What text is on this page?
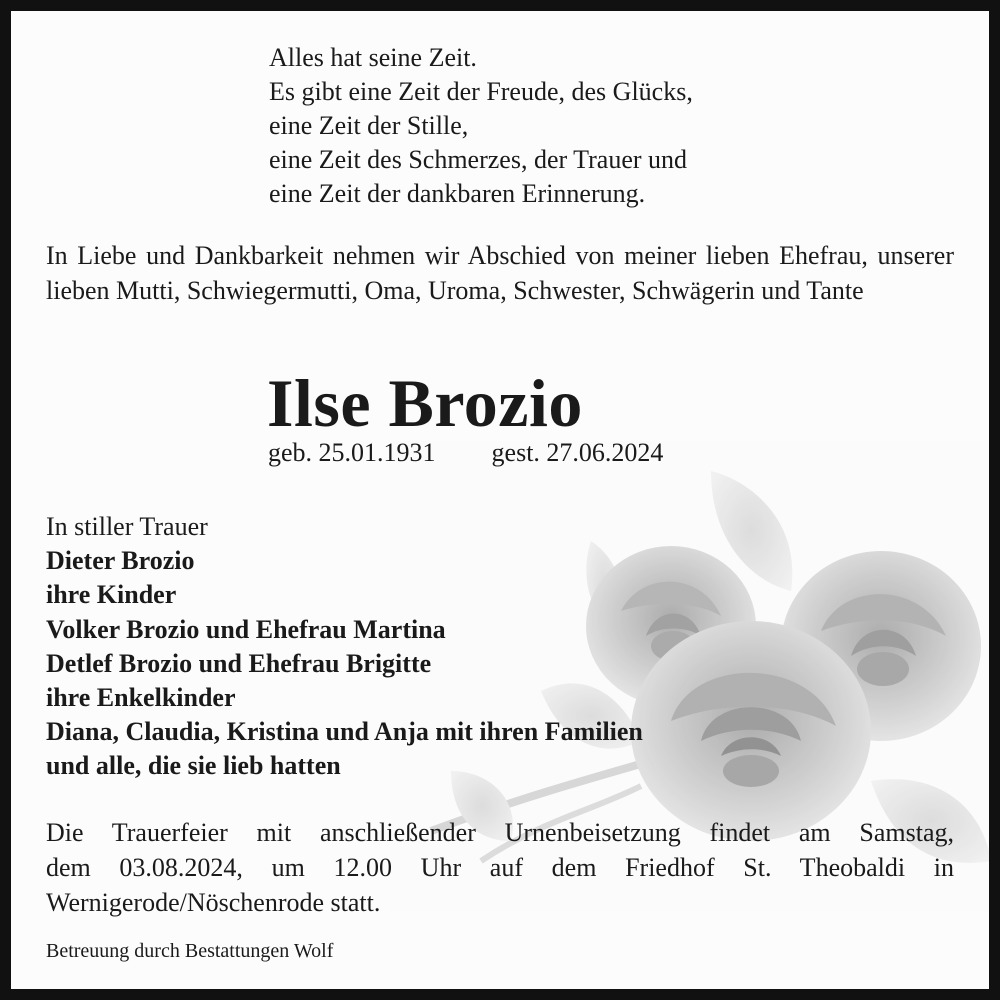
Alles hat seine Zeit.
Es gibt eine Zeit der Freude, des Glücks,
eine Zeit der Stille,
eine Zeit des Schmerzes, der Trauer und
eine Zeit der dankbaren Erinnerung.
In Liebe und Dankbarkeit nehmen wir Abschied von meiner lieben Ehefrau, unserer lieben Mutti, Schwiegermutti, Oma, Uroma, Schwester, Schwägerin und Tante
Ilse Brozio
geb. 25.01.1931 gest. 27.06.2024
In stiller Trauer
Dieter Brozio
ihre Kinder
Volker Brozio und Ehefrau Martina
Detlef Brozio und Ehefrau Brigitte
ihre Enkelkinder
Diana, Claudia, Kristina und Anja mit ihren Familien
und alle, die sie lieb hatten
Die Trauerfeier mit anschließender Urnenbeisetzung findet am Samstag,
dem 03.08.2024, um 12.00 Uhr auf dem Friedhof St. Theobaldi in
Wernigerode/Nöschenrode statt.
Betreuung durch Bestattungen Wolf
